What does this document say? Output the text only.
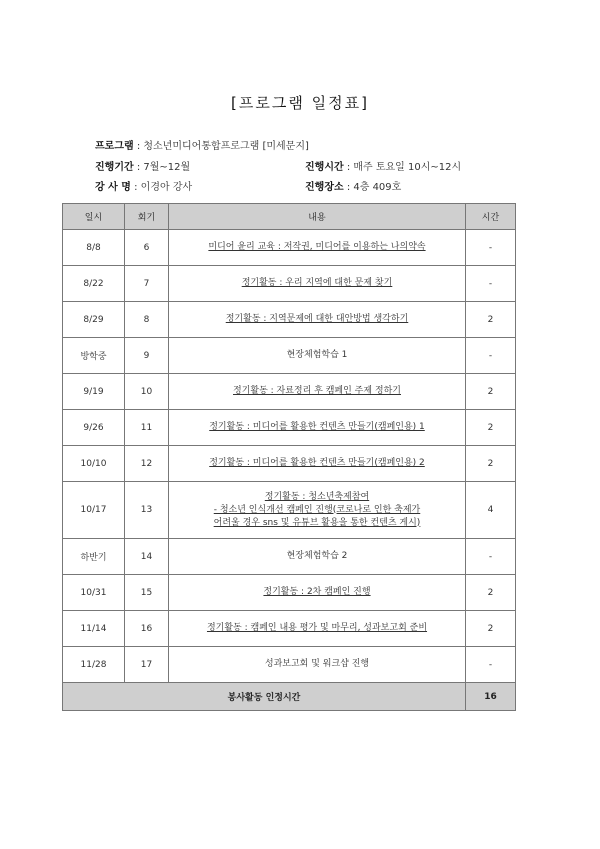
[프로그램 일정표]
프로그램 : 청소년미디어통합프로그램 [미세문지]
진행기간 : 7월~12월	진행시간 : 매주 토요일 10시~12시
강 사 명 : 이경아 강사	진행장소 : 4층 409호
일시	회기	내용	시간
8/8	6	미디어 윤리 교육 : 저작권, 미디어를 이용하는 나의약속	-
8/22	7	정기활동 : 우리 지역에 대한 문제 찾기	-
8/29	8	정기활동 : 지역문제에 대한 대안방법 생각하기	2
방학중	9	현장체험학습 1	-
9/19	10	정기활동 : 자료정리 후 캠페인 주제 정하기	2
9/26	11	정기활동 : 미디어를 활용한 컨텐츠 만들기(캠페인용) 1	2
10/10	12	정기활동 : 미디어를 활용한 컨텐츠 만들기(캠페인용) 2	2
10/17	13	정기활동 : 청소년축제참여
- 청소년 인식개선 캠페인 진행(코로나로 인한 축제가
어려울 경우 sns 및 유튜브 활용을 통한 컨텐츠 게시)	4
하반기	14	현장체험학습 2	-
10/31	15	정기활동 : 2차 캠페인 진행	2
11/14	16	정기활동 : 캠페인 내용 평가 및 마무리, 성과보고회 준비	2
11/28	17	성과보고회 및 워크샵 진행	-
봉사활동 인정시간			16
